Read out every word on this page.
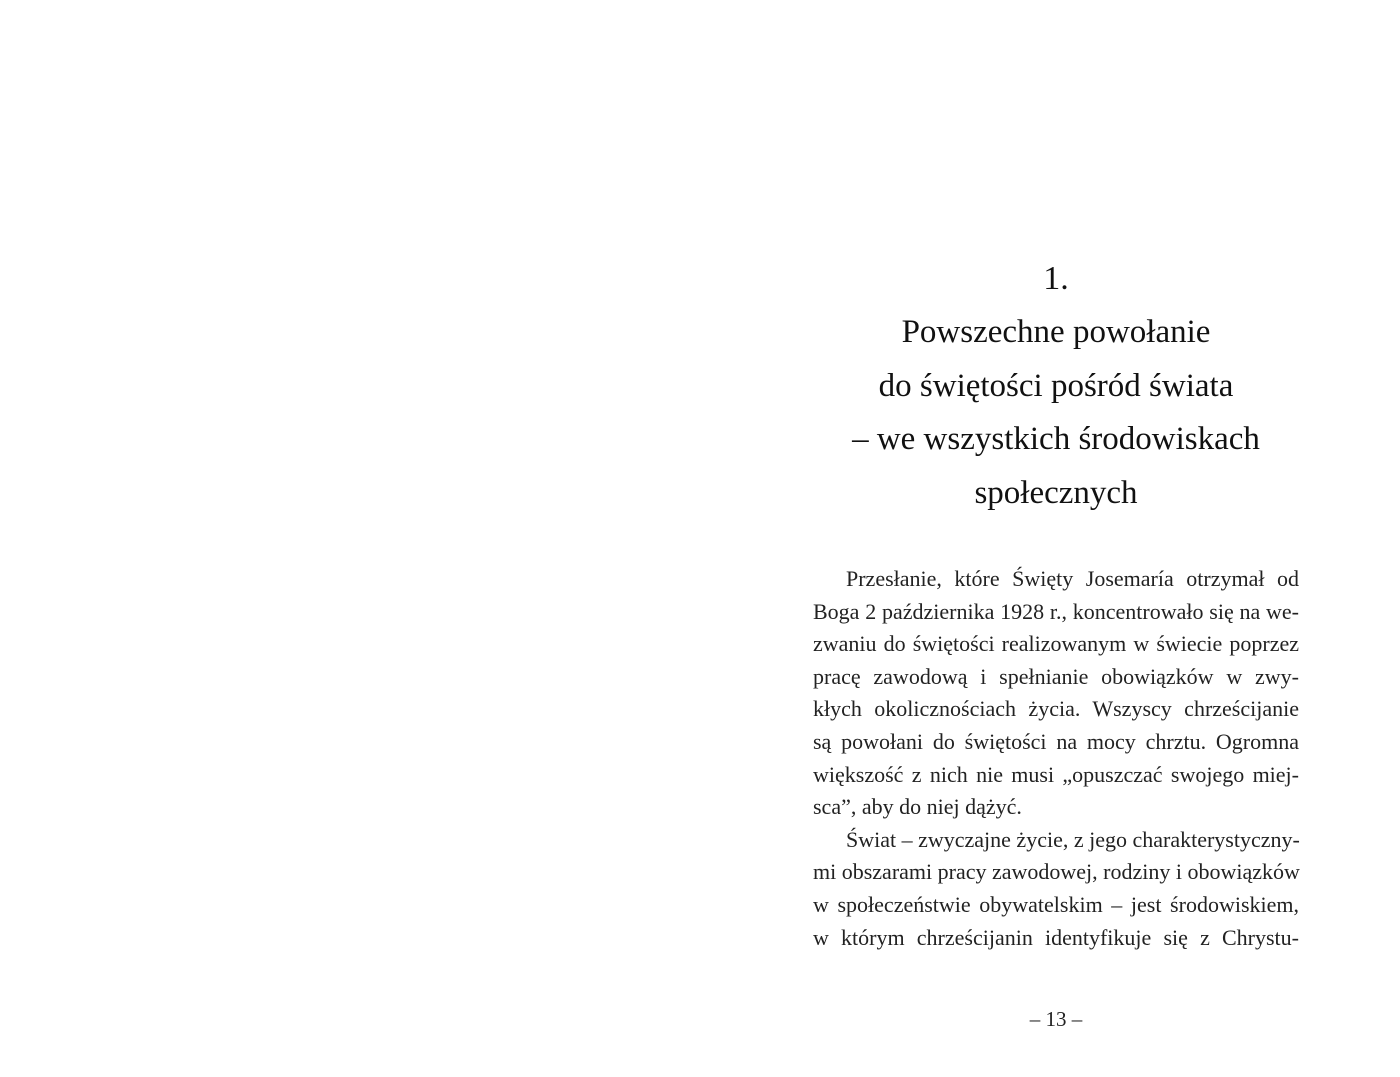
1.

Powszechne powołanie
do świętości pośród świata
– we wszystkich środowiskach
społecznych

Przesłanie, które Święty Josemaría otrzymał od
Boga 2 października 1928 r., koncentrowało się na we-
zwaniu do świętości realizowanym w świecie poprzez
pracę zawodową i spełnianie obowiązków w zwy-
kłych okolicznościach życia. Wszyscy chrześcijanie
są powołani do świętości na mocy chrztu. Ogromna
większość z nich nie musi „opuszczać swojego miej-
sca”, aby do niej dążyć.

Świat – zwyczajne życie, z jego charakterystyczny-
mi obszarami pracy zawodowej, rodziny i obowiązków
w społeczeństwie obywatelskim – jest środowiskiem,
w którym chrześcijanin identyfikuje się z Chrystu-

– 13 –
